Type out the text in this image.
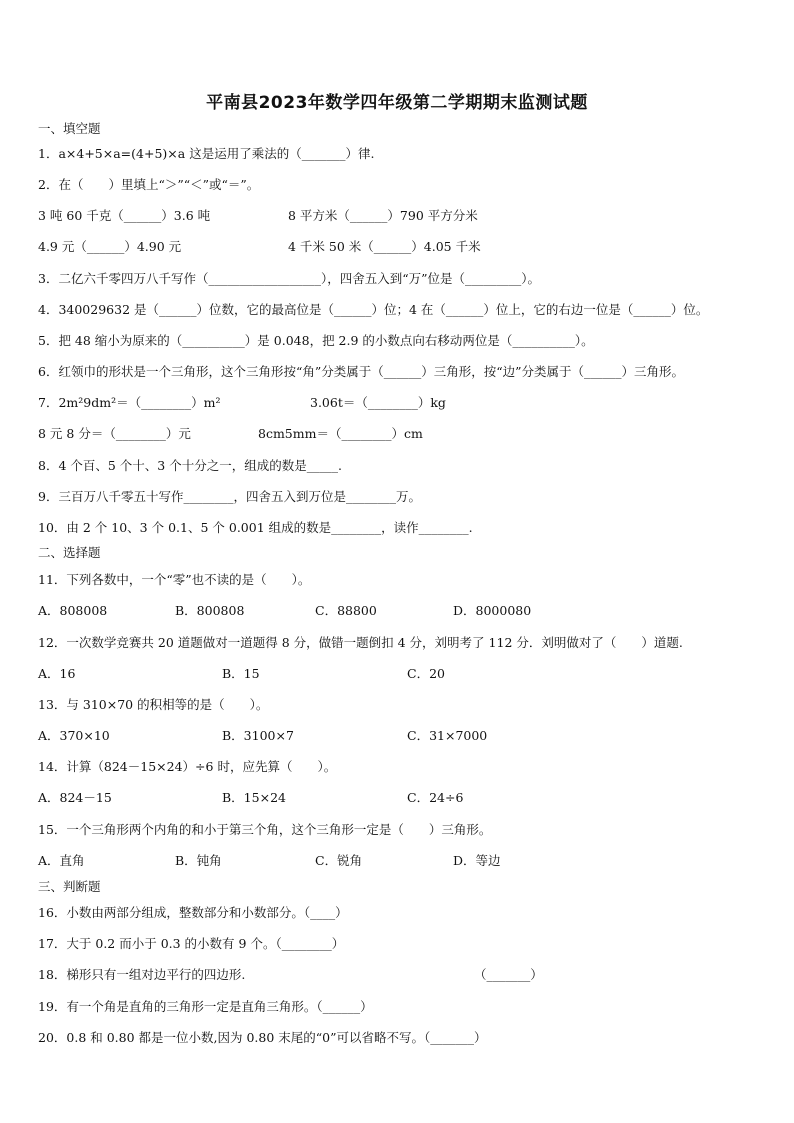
平南县2023年数学四年级第二学期期末监测试题
一、填空题
1．a×4+5×a=(4+5)×a 这是运用了乘法的（_______）律.
2．在（　　）里填上“＞”“＜”或“＝”。
3 吨 60 千克（______）3.6 吨	8 平方米（______）790 平方分米
4.9 元（______）4.90 元	4 千米 50 米（______）4.05 千米
3．二亿六千零四万八千写作（__________________），四舍五入到“万”位是（_________）。
4．340029632 是（______）位数，它的最高位是（______）位；4 在（______）位上，它的右边一位是（______）位。
5．把 48 缩小为原来的（__________）是 0.048，把 2.9 的小数点向右移动两位是（__________）。
6．红领巾的形状是一个三角形，这个三角形按“角”分类属于（______）三角形，按“边”分类属于（______）三角形。
7．2m²9dm²＝（________）m²	3.06t＝（________）kg
8 元 8 分＝（________）元	8cm5mm＝（________）cm
8．4 个百、5 个十、3 个十分之一，组成的数是_____.
9．三百万八千零五十写作________，四舍五入到万位是________万。
10．由 2 个 10、3 个 0.1、5 个 0.001 组成的数是________，读作________.
二、选择题
11．下列各数中，一个“零”也不读的是（　　）。
A．808008	B．800808	C．88800	D．8000080
12．一次数学竞赛共 20 道题做对一道题得 8 分，做错一题倒扣 4 分，刘明考了 112 分．刘明做对了（　　）道题.
A．16	B．15	C．20
13．与 310×70 的积相等的是（　　）。
A．370×10	B．3100×7	C．31×7000
14．计算（824－15×24）÷6 时，应先算（　　）。
A．824－15	B．15×24	C．24÷6
15．一个三角形两个内角的和小于第三个角，这个三角形一定是（　　）三角形。
A．直角	B．钝角	C．锐角	D．等边
三、判断题
16．小数由两部分组成，整数部分和小数部分。（____）
17．大于 0.2 而小于 0.3 的小数有 9 个。（________）
18．梯形只有一组对边平行的四边形.	（_______）
19．有一个角是直角的三角形一定是直角三角形。（______）
20．0.8 和 0.80 都是一位小数,因为 0.80 末尾的“0”可以省略不写。（_______）
